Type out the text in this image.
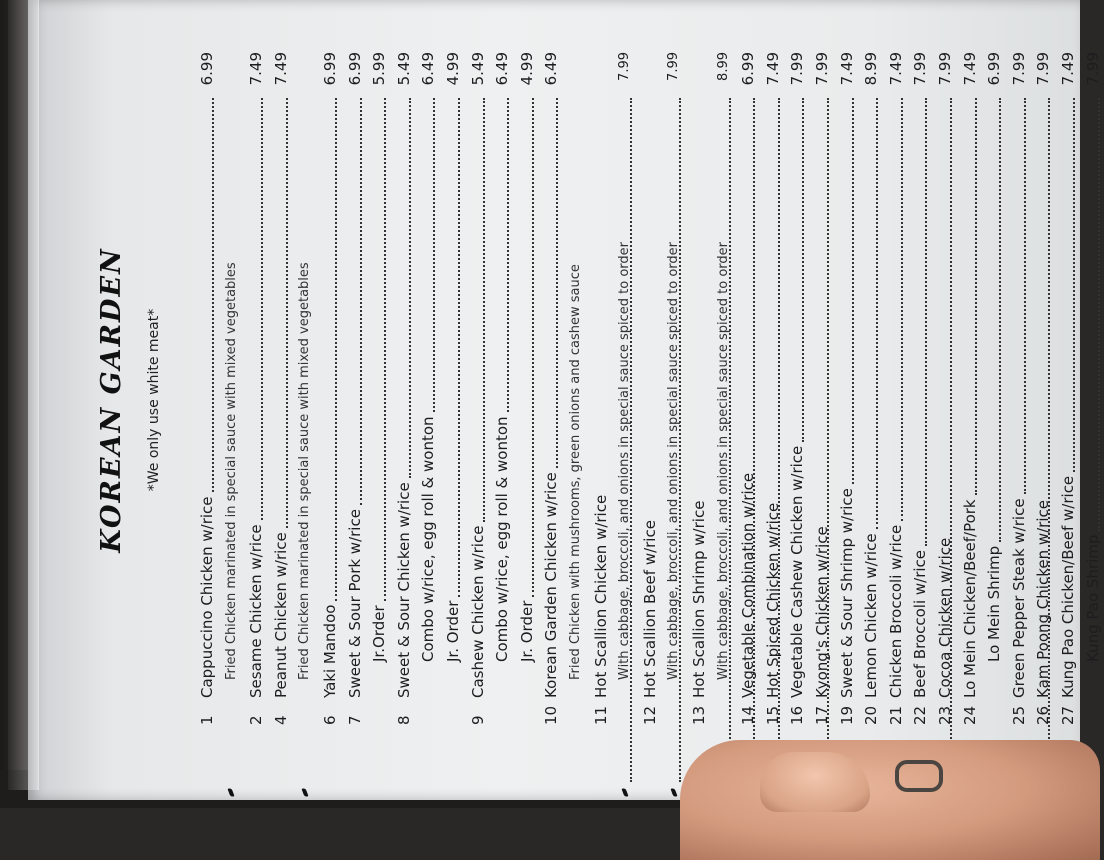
KOREAN GARDEN *We only use white meat*
1
Cappuccino Chicken w/rice
6.99
Fried Chicken marinated in special sauce with mixed vegetables
2
Sesame Chicken w/rice
7.49
4
Peanut Chicken w/rice
7.49
Fried Chicken marinated in special sauce with mixed vegetables
6
Yaki Mandoo
6.99
7
Sweet & Sour Pork w/rice
6.99
Jr.Order
5.99
8
Sweet & Sour Chicken w/rice
5.49
Combo w/rice, egg roll & wonton
6.49
Jr. Order
4.99
9
Cashew Chicken w/rice
5.49
Combo w/rice, egg roll & wonton
6.49
Jr. Order
4.99
10
Korean Garden Chicken w/rice
6.49
Fried Chicken with mushrooms, green onions and cashew sauce
11
Hot Scallion Chicken w/rice With cabbage, broccoli, and onions in special sauce spiced to order
7.99
12
Hot Scallion Beef w/rice With cabbage, broccoli, and onions in special sauce spiced to order
7.99
13
Hot Scallion Shrimp w/rice With cabbage, broccoli, and onions in special sauce spiced to order
8.99
14
Vegetable Combination w/rice
6.99
15
Hot Spiced Chicken w/rice
7.49
16
Vegetable Cashew Chicken w/rice
7.99
17
Kyong's Chicken w/rice
7.99
19
Sweet & Sour Shrimp w/rice
7.49
20
Lemon Chicken w/rice
8.99
21
Chicken Broccoli w/rice
7.49
22
Beef Broccoli w/rice
7.99
23
Cocoa Chicken w/rice
7.99
24
Lo Mein Chicken/Beef/Pork
7.49
Lo Mein Shrimp
6.99
25
Green Pepper Steak w/rice
7.99
26
Kam Poong Chicken w/rice
7.99
27
Kung Pao Chicken/Beef w/rice
7.49
Kung Pao Shrimp
7.99
